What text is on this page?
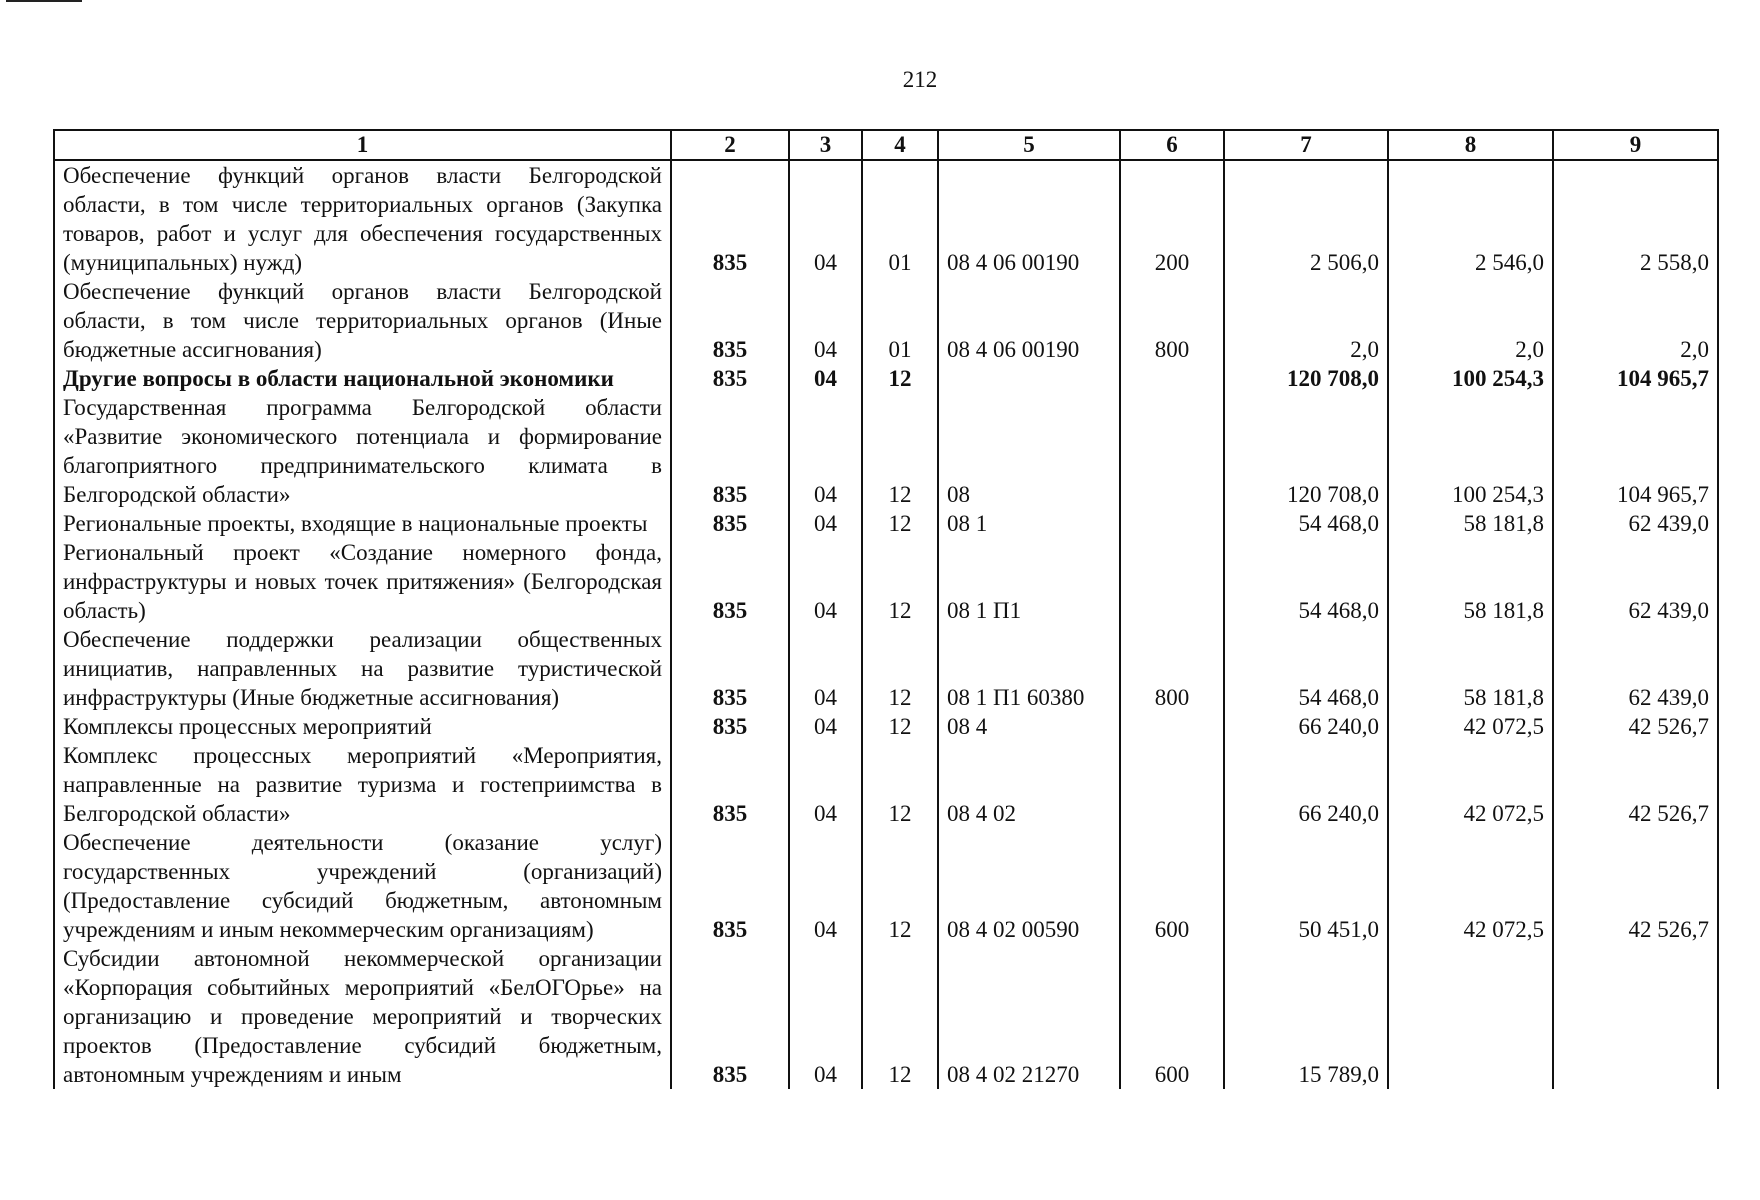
212
1	2	3	4	5	6	7	8	9
Обеспечение функций органов власти Белгородской области, в том числе территориальных органов (Закупка товаров, работ и услуг для обеспечения государственных (муниципальных) нужд)	835	04	01	08 4 06 00190	200	2 506,0	2 546,0	2 558,0
Обеспечение функций органов власти Белгородской области, в том числе территориальных органов (Иные бюджетные ассигнования)	835	04	01	08 4 06 00190	800	2,0	2,0	2,0
Другие вопросы в области национальной экономики	835	04	12			120 708,0	100 254,3	104 965,7
Государственная программа Белгородской области «Развитие экономического потенциала и формирование благоприятного предпринимательского климата в Белгородской области»	835	04	12	08		120 708,0	100 254,3	104 965,7
Региональные проекты, входящие в национальные проекты	835	04	12	08 1		54 468,0	58 181,8	62 439,0
Региональный проект «Создание номерного фонда, инфраструктуры и новых точек притяжения» (Белгородская область)	835	04	12	08 1 П1		54 468,0	58 181,8	62 439,0
Обеспечение поддержки реализации общественных инициатив, направленных на развитие туристической инфраструктуры (Иные бюджетные ассигнования)	835	04	12	08 1 П1 60380	800	54 468,0	58 181,8	62 439,0
Комплексы процессных мероприятий	835	04	12	08 4		66 240,0	42 072,5	42 526,7
Комплекс процессных мероприятий «Мероприятия, направленные на развитие туризма и гостеприимства в Белгородской области»	835	04	12	08 4 02		66 240,0	42 072,5	42 526,7
Обеспечение деятельности (оказание услуг) государственных учреждений (организаций) (Предоставление субсидий бюджетным, автономным учреждениям и иным некоммерческим организациям)	835	04	12	08 4 02 00590	600	50 451,0	42 072,5	42 526,7
Субсидии автономной некоммерческой организации «Корпорация событийных мероприятий «БелОГОрье» на организацию и проведение мероприятий и творческих проектов (Предоставление субсидий бюджетным, автономным учреждениям и иным	835	04	12	08 4 02 21270	600	15 789,0		
